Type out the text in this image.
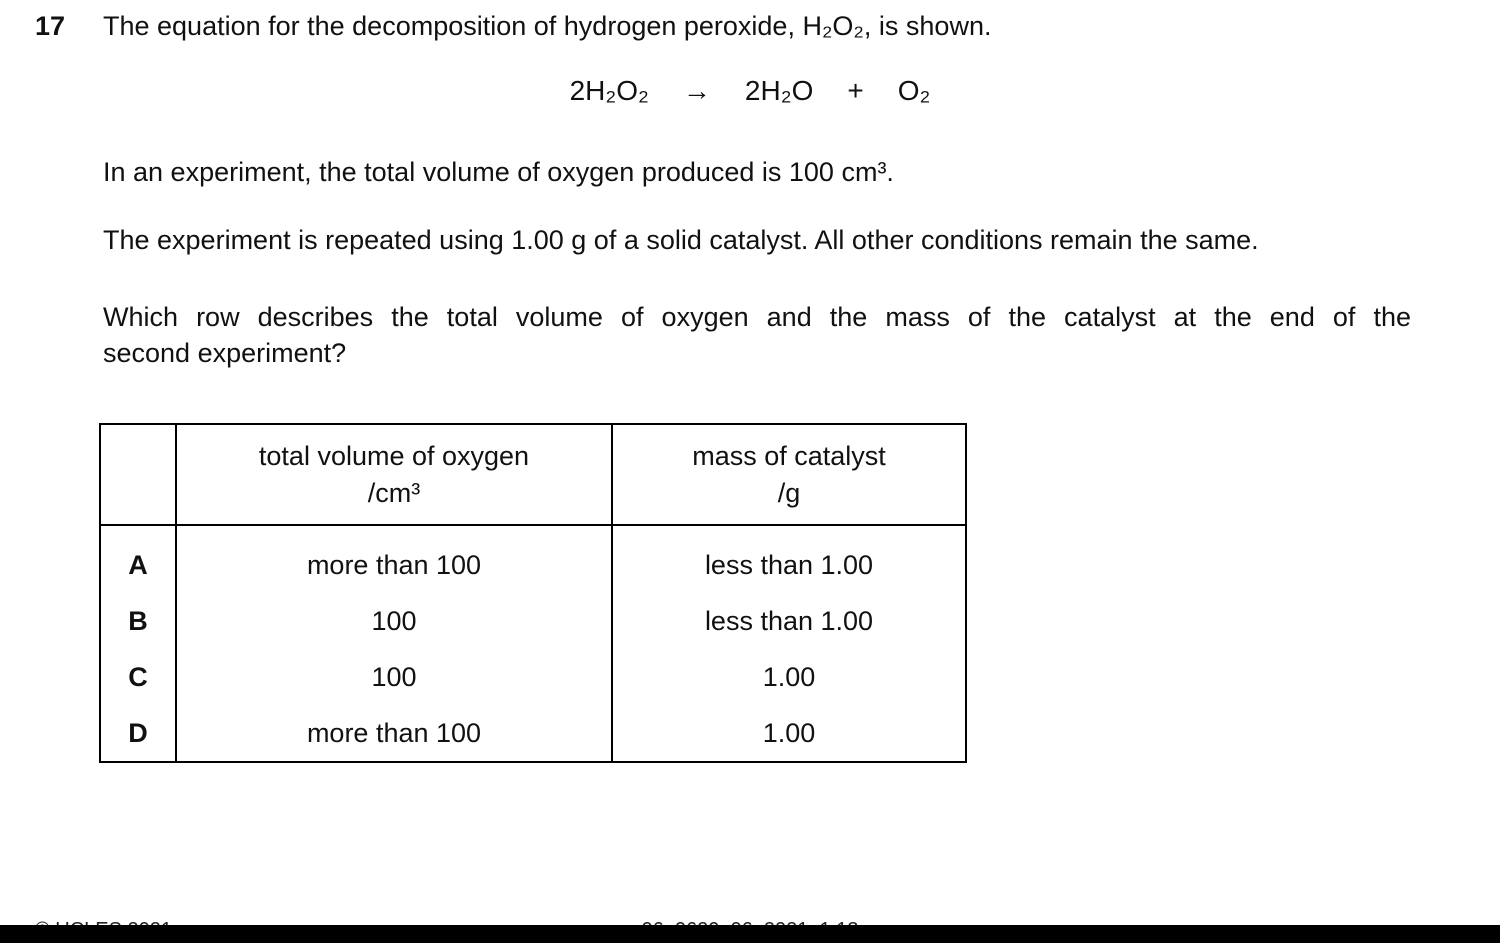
17 The equation for the decomposition of hydrogen peroxide, H₂O₂, is shown.
2H₂O₂ → 2H₂O + O₂
In an experiment, the total volume of oxygen produced is 100 cm³.
The experiment is repeated using 1.00 g of a solid catalyst. All other conditions remain the same.
Which row describes the total volume of oxygen and the mass of the catalyst at the end of the
second experiment?
total volume of oxygen
/cm³
mass of catalyst
/g
A
B
C
D
more than 100
100
100
more than 100
less than 1.00
less than 1.00
1.00
1.00
